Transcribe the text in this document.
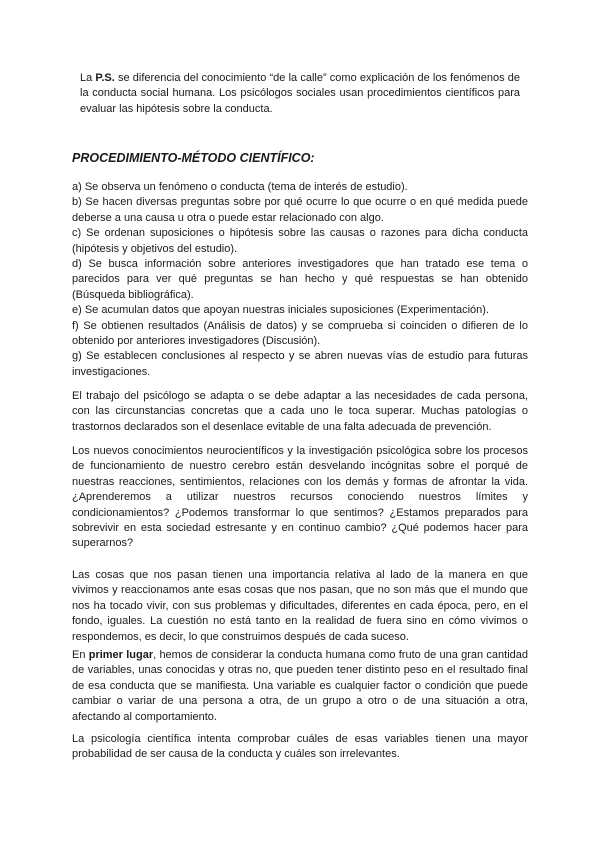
La P.S. se diferencia del conocimiento “de la calle” como explicación de los fenómenos de la conducta social humana. Los psicólogos sociales usan procedimientos científicos para evaluar las hipótesis sobre la conducta.

PROCEDIMIENTO-MÉTODO CIENTÍFICO:
a) Se observa un fenómeno o conducta (tema de interés de estudio).
b) Se hacen diversas preguntas sobre por qué ocurre lo que ocurre o en qué medida puede deberse a una causa u otra o puede estar relacionado con algo.
c) Se ordenan suposiciones o hipótesis sobre las causas o razones para dicha conducta (hipótesis y objetivos del estudio).
d) Se busca información sobre anteriores investigadores que han tratado ese tema o parecidos para ver qué preguntas se han hecho y qué respuestas se han obtenido (Búsqueda bibliográfica).
e) Se acumulan datos que apoyan nuestras iniciales suposiciones (Experimentación).
f) Se obtienen resultados (Análisis de datos) y se comprueba si coinciden o difieren de lo obtenido por anteriores investigadores (Discusión).
g) Se establecen conclusiones al respecto y se abren nuevas vías de estudio para futuras investigaciones.

El trabajo del psicólogo se adapta o se debe adaptar a las necesidades de cada persona, con las circunstancias concretas que a cada uno le toca superar. Muchas patologías o trastornos declarados son el desenlace evitable de una falta adecuada de prevención.

Los nuevos conocimientos neurocientíficos y la investigación psicológica sobre los procesos de funcionamiento de nuestro cerebro están desvelando incógnitas sobre el porqué de nuestras reacciones, sentimientos, relaciones con los demás y formas de afrontar la vida. ¿Aprenderemos a utilizar nuestros recursos conociendo nuestros límites y condicionamientos? ¿Podemos transformar lo que sentimos? ¿Estamos preparados para sobrevivir en esta sociedad estresante y en continuo cambio? ¿Qué podemos hacer para superarnos?

Las cosas que nos pasan tienen una importancia relativa al lado de la manera en que vivimos y reaccionamos ante esas cosas que nos pasan, que no son más que el mundo que nos ha tocado vivir, con sus problemas y dificultades, diferentes en cada época, pero, en el fondo, iguales. La cuestión no está tanto en la realidad de fuera sino en cómo vivimos o respondemos, es decir, lo que construimos después de cada suceso.

En primer lugar, hemos de considerar la conducta humana como fruto de una gran cantidad de variables, unas conocidas y otras no, que pueden tener distinto peso en el resultado final de esa conducta que se manifiesta. Una variable es cualquier factor o condición que puede cambiar o variar de una persona a otra, de un grupo a otro o de una situación a otra, afectando al comportamiento.

La psicología científica intenta comprobar cuáles de esas variables tienen una mayor probabilidad de ser causa de la conducta y cuáles son irrelevantes.
